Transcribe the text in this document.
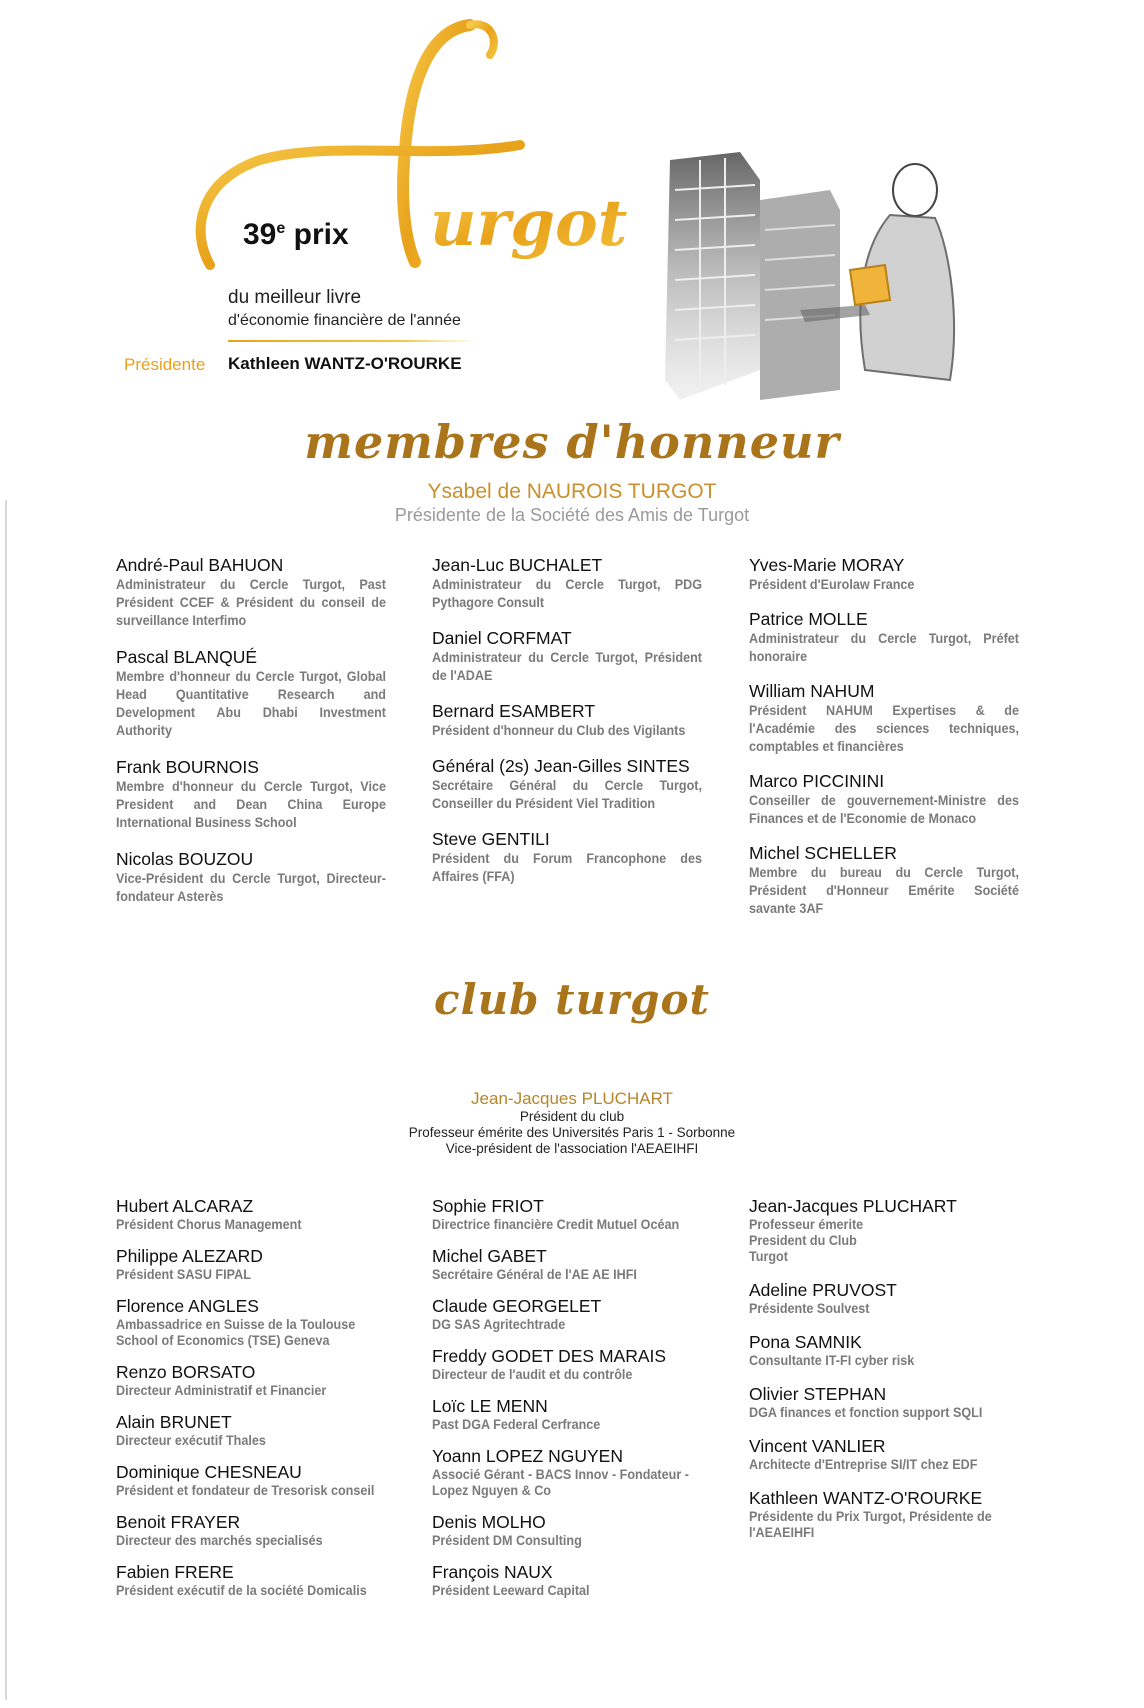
urgot
39e prix
du meilleur livre
d'économie financière de l'année
Présidente Kathleen WANTZ-O'ROURKE
membres d'honneur
Ysabel de NAUROIS TURGOT
Présidente de la Société des Amis de Turgot
André-Paul BAHUON
Administrateur du Cercle Turgot, Past Président CCEF & Président du conseil de surveillance Interfimo
Pascal BLANQUÉ
Membre d'honneur du Cercle Turgot, Global Head Quantitative Research and Development Abu Dhabi Investment Authority
Frank BOURNOIS
Membre d'honneur du Cercle Turgot, Vice President and Dean China Europe International Business School
Nicolas BOUZOU
Vice-Président du Cercle Turgot, Directeur-fondateur Asterès
Jean-Luc BUCHALET
Administrateur du Cercle Turgot, PDG Pythagore Consult
Daniel CORFMAT
Administrateur du Cercle Turgot, Président de l'ADAE
Bernard ESAMBERT
Président d'honneur du Club des Vigilants
Général (2s) Jean-Gilles SINTES
Secrétaire Général du Cercle Turgot, Conseiller du Président Viel Tradition
Steve GENTILI
Président du Forum Francophone des Affaires (FFA)
Yves-Marie MORAY
Président d'Eurolaw France
Patrice MOLLE
Administrateur du Cercle Turgot, Préfet honoraire
William NAHUM
Président NAHUM Expertises & de l'Académie des sciences techniques, comptables et financières
Marco PICCININI
Conseiller de gouvernement-Ministre des Finances et de l'Economie de Monaco
Michel SCHELLER
Membre du bureau du Cercle Turgot, Président d'Honneur Emérite Société savante 3AF
club turgot
Jean-Jacques PLUCHART
Président du club
Professeur émérite des Universités Paris 1 - Sorbonne
Vice-président de l'association l'AEAEIHFI
Hubert ALCARAZ
Président Chorus Management
Philippe ALEZARD
Président SASU FIPAL
Florence ANGLES
Ambassadrice en Suisse de la Toulouse School of Economics (TSE) Geneva
Renzo BORSATO
Directeur Administratif et Financier
Alain BRUNET
Directeur exécutif Thales
Dominique CHESNEAU
Président et fondateur de Tresorisk conseil
Benoit FRAYER
Directeur des marchés specialisés
Fabien FRERE
Président exécutif de la société Domicalis
Sophie FRIOT
Directrice financière Credit Mutuel Océan
Michel GABET
Secrétaire Général de l'AE AE IHFI
Claude GEORGELET
DG SAS Agritechtrade
Freddy GODET DES MARAIS
Directeur de l'audit et du contrôle
Loïc LE MENN
Past DGA Federal Cerfrance
Yoann LOPEZ NGUYEN
Associé Gérant - BACS Innov - Fondateur - Lopez Nguyen & Co
Denis MOLHO
Président DM Consulting
François NAUX
Président Leeward Capital
Jean-Jacques PLUCHART
Professeur émerite President du Club Turgot
Adeline PRUVOST
Présidente Soulvest
Pona SAMNIK
Consultante IT-FI cyber risk
Olivier STEPHAN
DGA finances et fonction support SQLI
Vincent VANLIER
Architecte d'Entreprise SI/IT chez EDF
Kathleen WANTZ-O'ROURKE
Présidente du Prix Turgot, Présidente de l'AEAEIHFI
